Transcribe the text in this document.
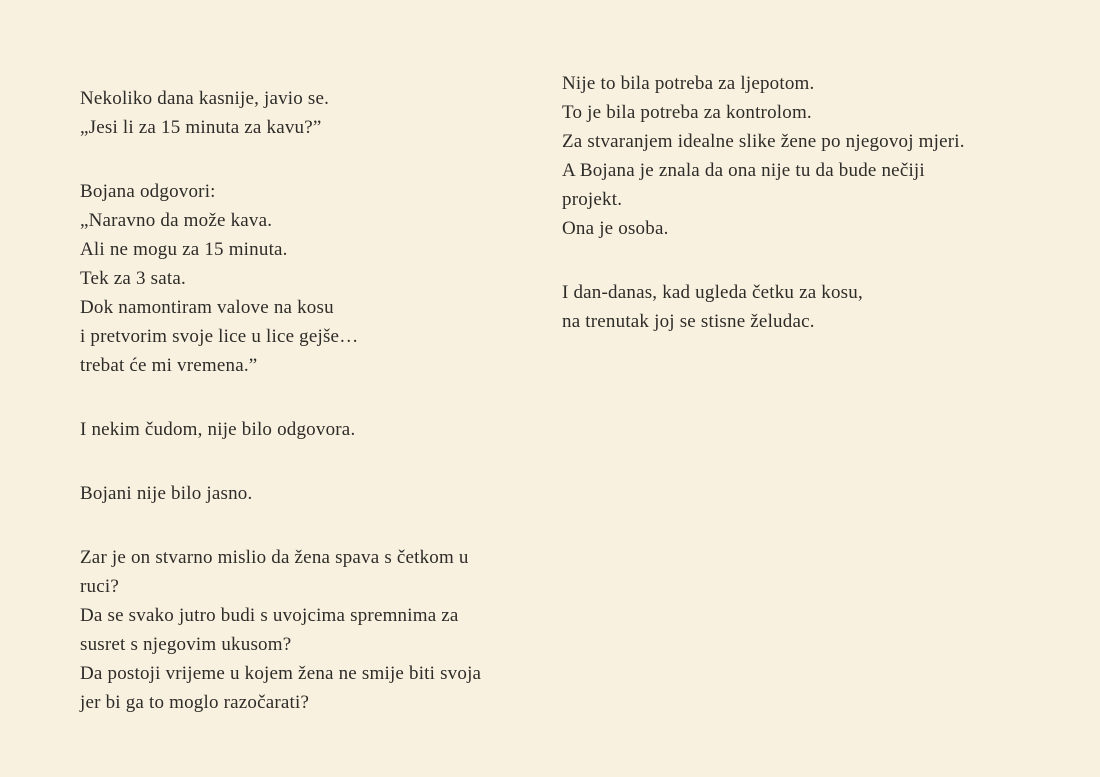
Nekoliko dana kasnije, javio se.
„Jesi li za 15 minuta za kavu?”
Bojana odgovori:
„Naravno da može kava.
Ali ne mogu za 15 minuta.
Tek za 3 sata.
Dok namontiram valove na kosu
i pretvorim svoje lice u lice gejše…
trebat će mi vremena.”
I nekim čudom, nije bilo odgovora.
Bojani nije bilo jasno.
Zar je on stvarno mislio da žena spava s četkom u
ruci?
Da se svako jutro budi s uvojcima spremnima za
susret s njegovim ukusom?
Da postoji vrijeme u kojem žena ne smije biti svoja
jer bi ga to moglo razočarati?
Nije to bila potreba za ljepotom.
To je bila potreba za kontrolom.
Za stvaranjem idealne slike žene po njegovoj mjeri.
A Bojana je znala da ona nije tu da bude nečiji
projekt.
Ona je osoba.
I dan-danas, kad ugleda četku za kosu,
na trenutak joj se stisne želudac.
